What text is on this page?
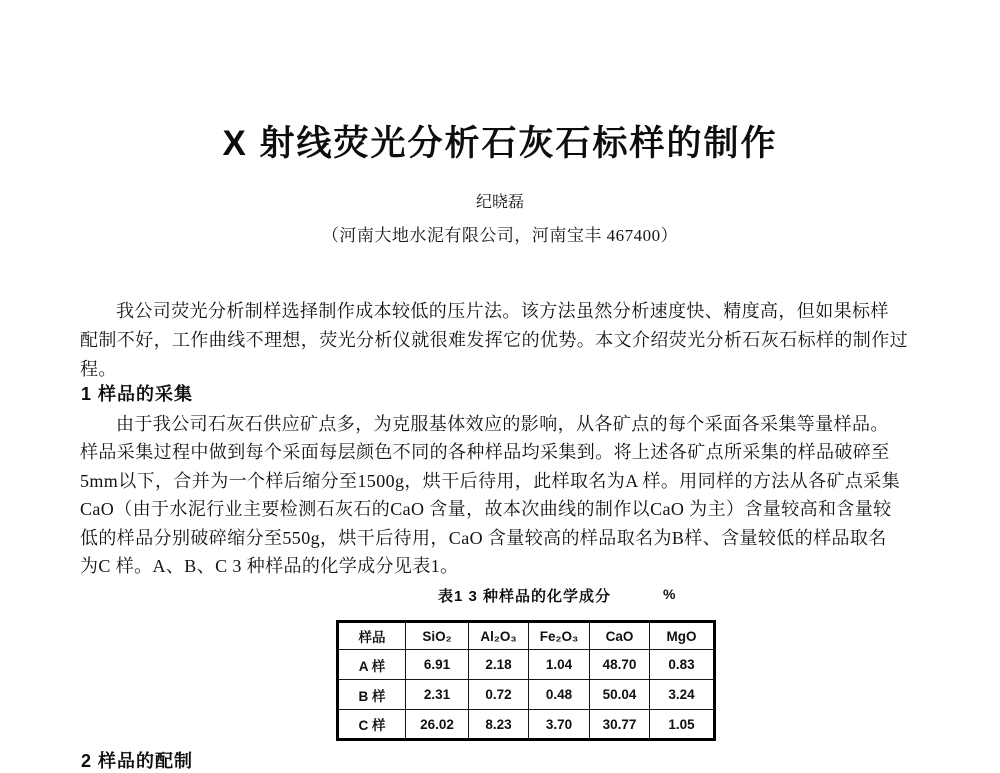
X 射线荧光分析石灰石标样的制作
纪晓磊
（河南大地水泥有限公司，河南宝丰 467400）
我公司荧光分析制样选择制作成本较低的压片法。该方法虽然分析速度快、精度高，但如果标样
配制不好，工作曲线不理想，荧光分析仪就很难发挥它的优势。本文介绍荧光分析石灰石标样的制作过
程。
1 样品的采集
由于我公司石灰石供应矿点多，为克服基体效应的影响，从各矿点的每个采面各采集等量样品。
样品采集过程中做到每个采面每层颜色不同的各种样品均采集到。将上述各矿点所采集的样品破碎至
5mm以下，合并为一个样后缩分至1500g，烘干后待用，此样取名为A 样。用同样的方法从各矿点采集
CaO（由于水泥行业主要检测石灰石的CaO 含量，故本次曲线的制作以CaO 为主）含量较高和含量较
低的样品分别破碎缩分至550g，烘干后待用，CaO 含量较高的样品取名为B样、含量较低的样品取名
为C 样。A、B、C 3 种样品的化学成分见表1。
表1 3 种样品的化学成分	%
样品	SiO₂	Al₂O₃	Fe₂O₃	CaO	MgO
A 样	6.91	2.18	1.04	48.70	0.83
B 样	2.31	0.72	0.48	50.04	3.24
C 样	26.02	8.23	3.70	30.77	1.05
2 样品的配制
